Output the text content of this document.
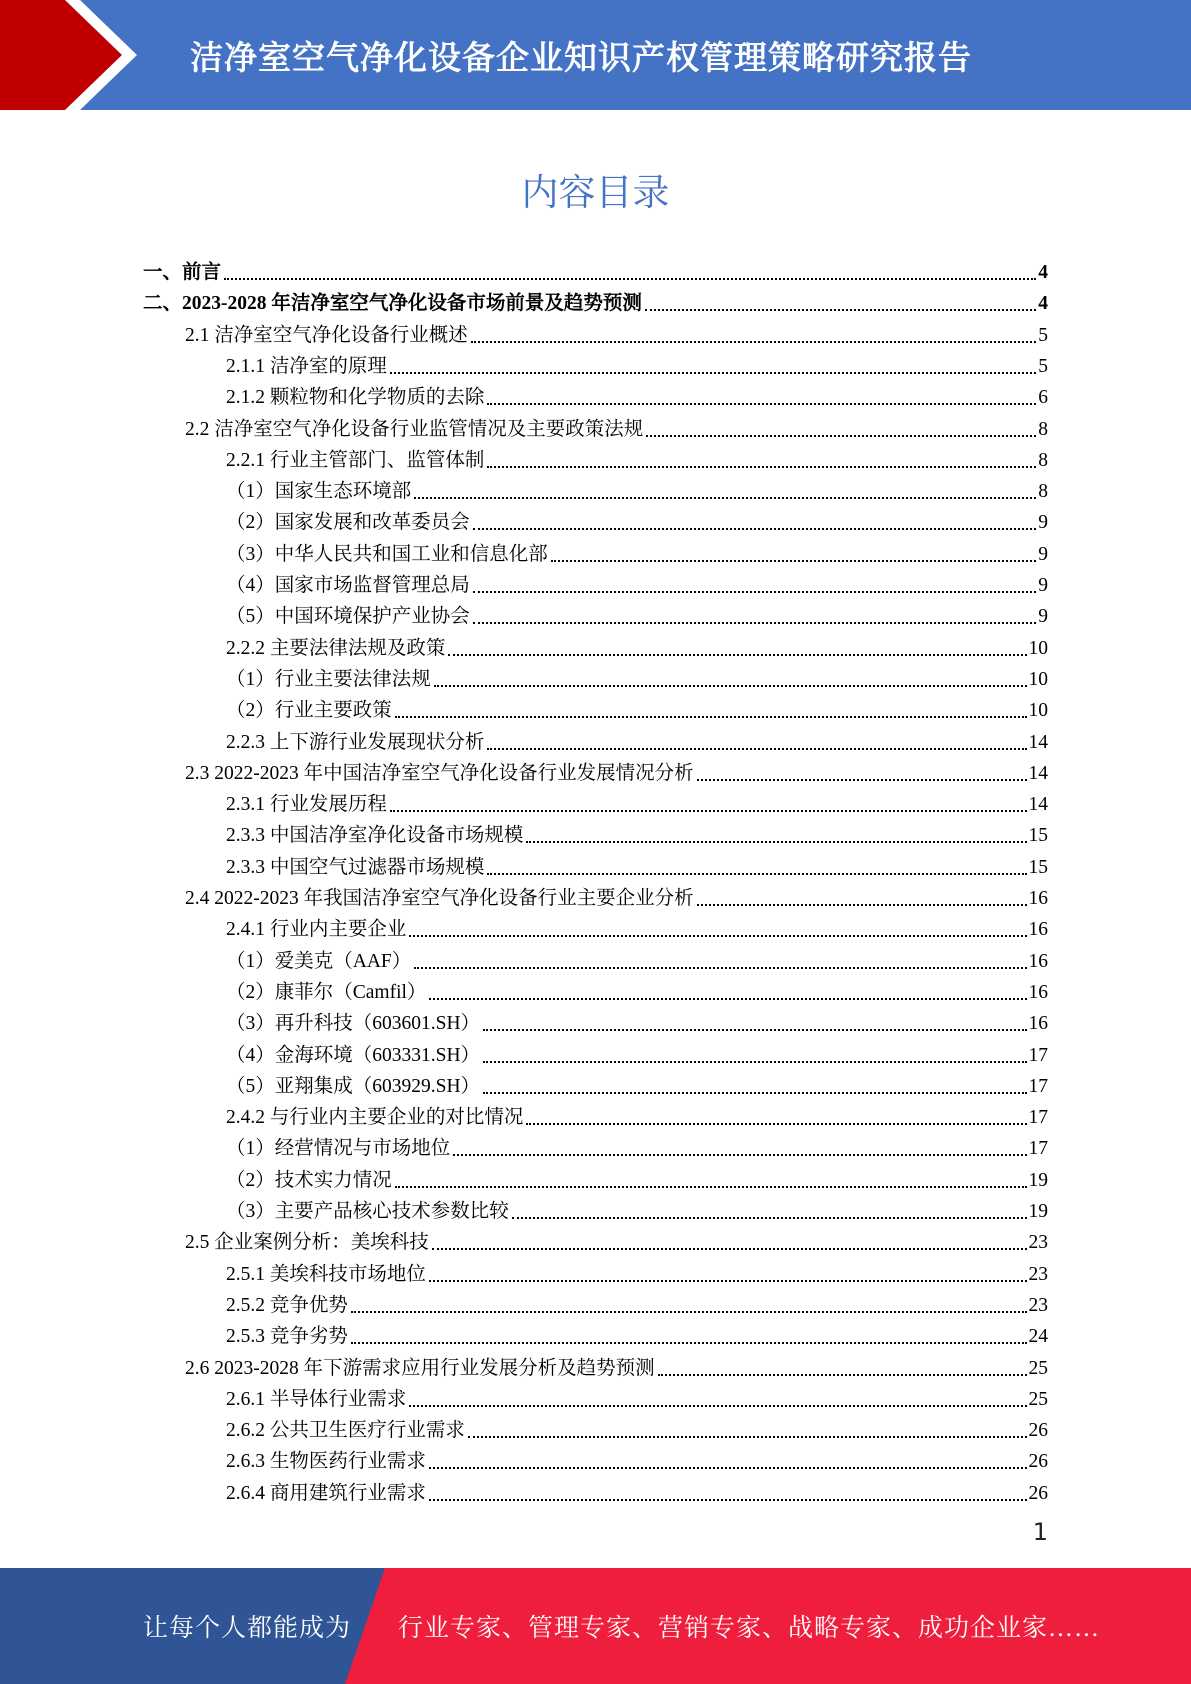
洁净室空气净化设备企业知识产权管理策略研究报告
内容目录
一、前言	4
二、2023-2028 年洁净室空气净化设备市场前景及趋势预测	4
2.1 洁净室空气净化设备行业概述	5
2.1.1 洁净室的原理	5
2.1.2 颗粒物和化学物质的去除	6
2.2 洁净室空气净化设备行业监管情况及主要政策法规	8
2.2.1 行业主管部门、监管体制	8
（1）国家生态环境部	8
（2）国家发展和改革委员会	9
（3）中华人民共和国工业和信息化部	9
（4）国家市场监督管理总局	9
（5）中国环境保护产业协会	9
2.2.2 主要法律法规及政策	10
（1）行业主要法律法规	10
（2）行业主要政策	10
2.2.3 上下游行业发展现状分析	14
2.3 2022-2023 年中国洁净室空气净化设备行业发展情况分析	14
2.3.1 行业发展历程	14
2.3.3 中国洁净室净化设备市场规模	15
2.3.3 中国空气过滤器市场规模	15
2.4 2022-2023 年我国洁净室空气净化设备行业主要企业分析	16
2.4.1 行业内主要企业	16
（1）爱美克（AAF）	16
（2）康菲尔（Camfil）	16
（3）再升科技（603601.SH）	16
（4）金海环境（603331.SH）	17
（5）亚翔集成（603929.SH）	17
2.4.2 与行业内主要企业的对比情况	17
（1）经营情况与市场地位	17
（2）技术实力情况	19
（3）主要产品核心技术参数比较	19
2.5 企业案例分析：美埃科技	23
2.5.1 美埃科技市场地位	23
2.5.2 竞争优势	23
2.5.3 竞争劣势	24
2.6 2023-2028 年下游需求应用行业发展分析及趋势预测	25
2.6.1 半导体行业需求	25
2.6.2 公共卫生医疗行业需求	26
2.6.3 生物医药行业需求	26
2.6.4 商用建筑行业需求	26
1
让每个人都能成为 行业专家、管理专家、营销专家、战略专家、成功企业家……
